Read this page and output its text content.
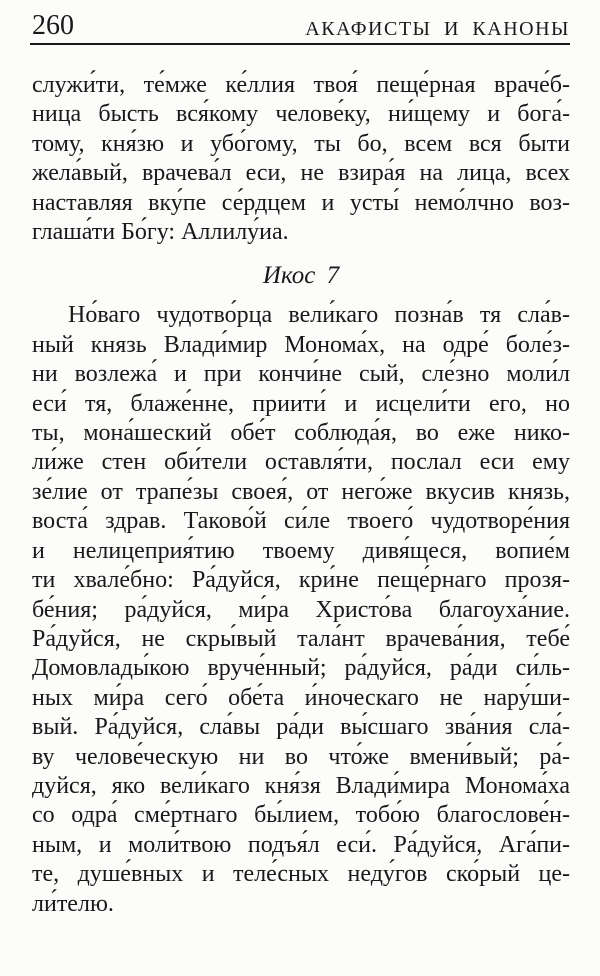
260	АКАФИСТЫ И КАНОНЫ
служи́ти, те́мже ке́ллия твоя́ пеще́рная враче́б-
ница бысть вся́кому челове́ку, ни́щему и бога́-
тому, кня́зю и убо́гому, ты бо, всем вся быти
жела́вый, врачева́л еси, не взира́я на лица, всех
наставляя вку́пе се́рдцем и усты́ немо́лчно воз-
глаша́ти Бо́гу: Аллилу́иа.
Икос 7
Но́ваго чудотво́рца вели́каго позна́в тя сла́в-
ный князь Влади́мир Монома́х, на одре́ боле́з-
ни возлежа́ и при кончи́не сый, сле́зно моли́л
еси́ тя, блаже́нне, приити́ и исцели́ти его, но
ты, мона́шеский обе́т соблюда́я, во еже нико-
ли́же стен оби́тели оставля́ти, послал еси ему
зе́лие от трапе́зы своея́, от него́же вкусив князь,
воста́ здрав. Таково́й си́ле твоего́ чудотворе́ния
и нелицеприя́тию твоему дивя́щеся, вопие́м
ти хвале́бно: Ра́дуйся, кри́не пеще́рнаго прозя-
бе́ния; ра́дуйся, ми́ра Христо́ва благоуха́ние.
Ра́дуйся, не скры́вый тала́нт врачева́ния, тебе́
Домовлады́кою вруче́нный; ра́дуйся, ра́ди си́ль-
ных ми́ра сего́ обе́та и́ноческаго не нару́ши-
вый. Ра́дуйся, сла́вы ра́ди вы́сшаго зва́ния сла́-
ву челове́ческую ни во что́же вмени́вый; ра́-
дуйся, яко вели́каго кня́зя Влади́мира Монома́ха
со одра́ сме́ртнаго бы́лием, тобо́ю благослове́н-
ным, и моли́твою подъя́л еси́. Ра́дуйся, Ага́пи-
те, душе́вных и теле́сных неду́гов ско́рый це-
ли́телю.
